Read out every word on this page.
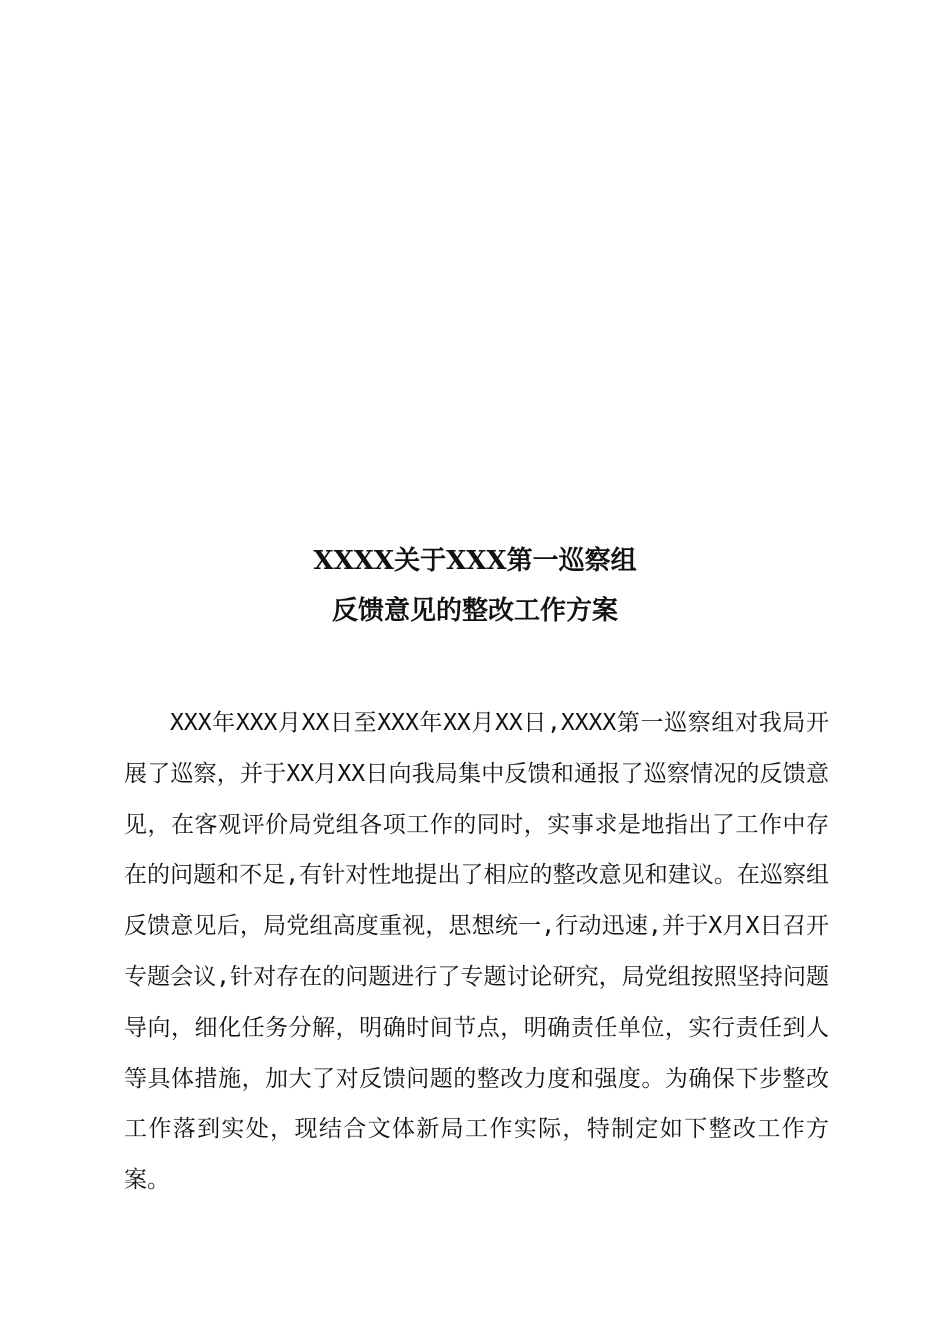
XXXX关于XXX第一巡察组
反馈意见的整改工作方案

XXX年XXX月XX日至XXX年XX月XX日,XXXX第一巡察组对我局开展了巡察，并于XX月XX日向我局集中反馈和通报了巡察情况的反馈意见，在客观评价局党组各项工作的同时，实事求是地指出了工作中存在的问题和不足,有针对性地提出了相应的整改意见和建议。在巡察组反馈意见后，局党组高度重视，思想统一,行动迅速,并于X月X日召开专题会议,针对存在的问题进行了专题讨论研究，局党组按照坚持问题导向，细化任务分解，明确时间节点，明确责任单位，实行责任到人等具体措施，加大了对反馈问题的整改力度和强度。为确保下步整改工作落到实处，现结合文体新局工作实际，特制定如下整改工作方案。
